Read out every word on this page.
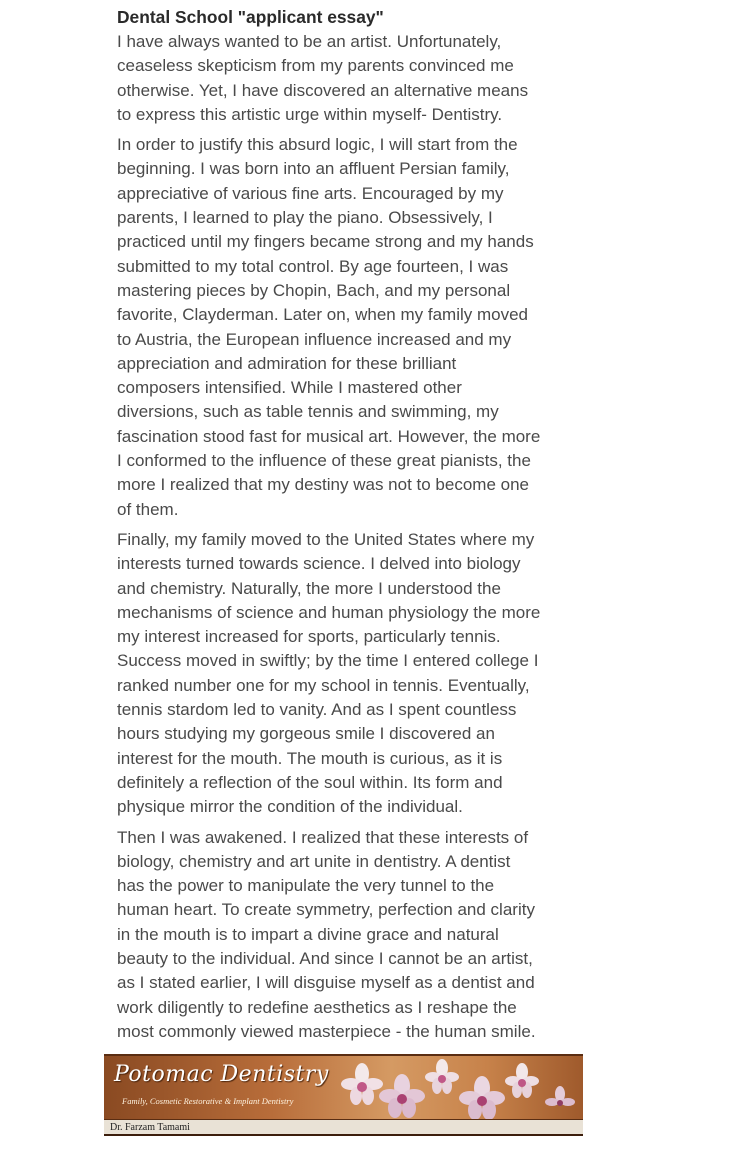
Dental School "applicant essay"
I have always wanted to be an artist. Unfortunately,
ceaseless skepticism from my parents convinced me
otherwise. Yet, I have discovered an alternative means
to express this artistic urge within myself- Dentistry.
In order to justify this absurd logic, I will start from the
beginning. I was born into an affluent Persian family,
appreciative of various fine arts. Encouraged by my
parents, I learned to play the piano. Obsessively, I
practiced until my fingers became strong and my hands
submitted to my total control. By age fourteen, I was
mastering pieces by Chopin, Bach, and my personal
favorite, Clayderman. Later on, when my family moved
to Austria, the European influence increased and my
appreciation and admiration for these brilliant
composers intensified. While I mastered other
diversions, such as table tennis and swimming, my
fascination stood fast for musical art. However, the more
I conformed to the influence of these great pianists, the
more I realized that my destiny was not to become one
of them.
Finally, my family moved to the United States where my
interests turned towards science. I delved into biology
and chemistry. Naturally, the more I understood the
mechanisms of science and human physiology the more
my interest increased for sports, particularly tennis.
Success moved in swiftly; by the time I entered college I
ranked number one for my school in tennis. Eventually,
tennis stardom led to vanity. And as I spent countless
hours studying my gorgeous smile I discovered an
interest for the mouth. The mouth is curious, as it is
definitely a reflection of the soul within. Its form and
physique mirror the condition of the individual.
Then I was awakened. I realized that these interests of
biology, chemistry and art unite in dentistry. A dentist
has the power to manipulate the very tunnel to the
human heart. To create symmetry, perfection and clarity
in the mouth is to impart a divine grace and natural
beauty to the individual. And since I cannot be an artist,
as I stated earlier, I will disguise myself as a dentist and
work diligently to redefine aesthetics as I reshape the
most commonly viewed masterpiece - the human smile.
Potomac Dentistry
Family, Cosmetic Restorative & Implant Dentistry
Dr. Farzam Tamami
